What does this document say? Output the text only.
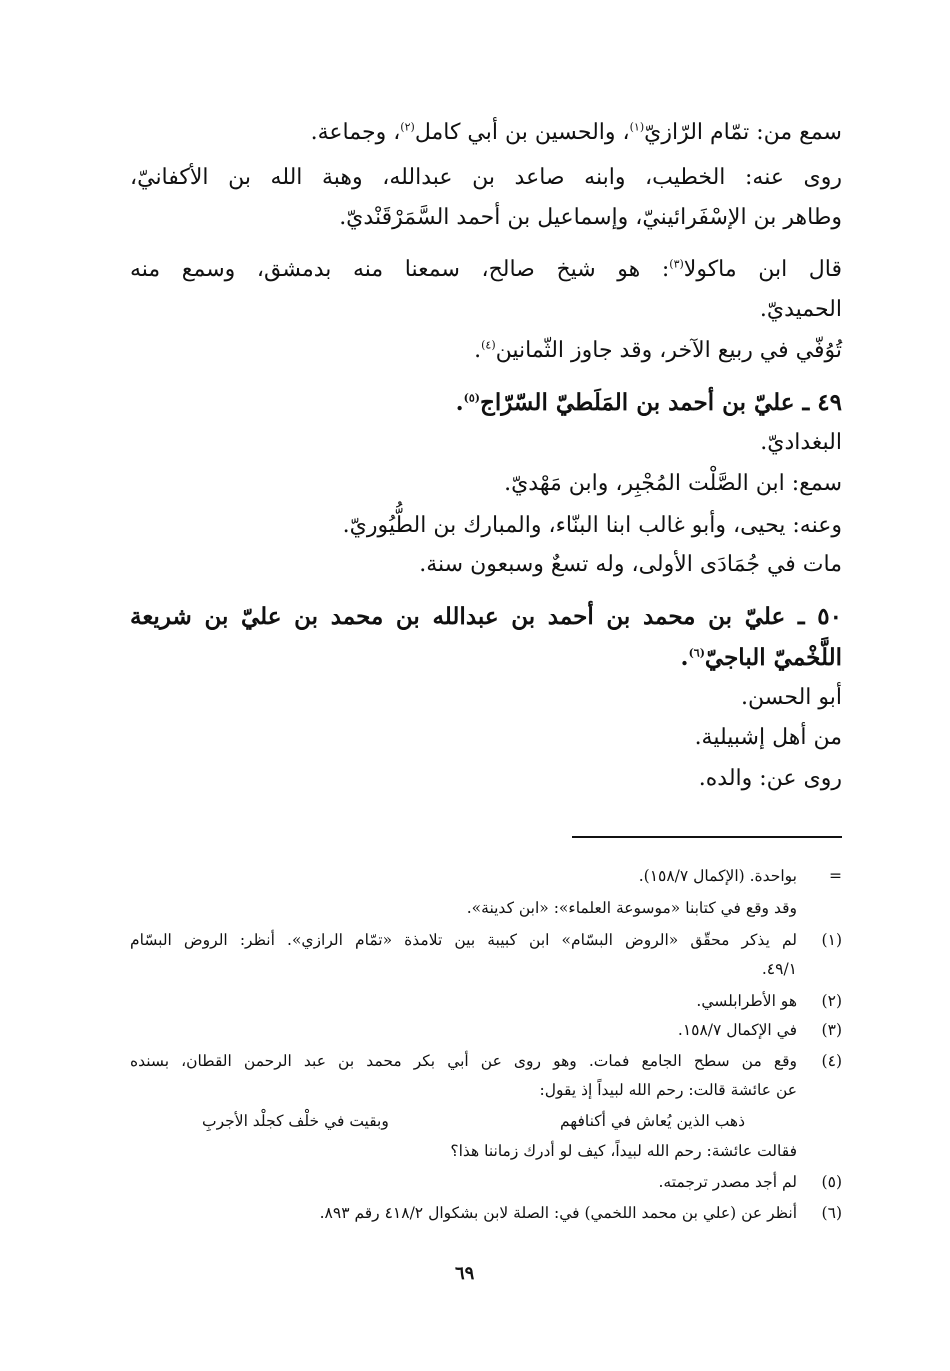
سمع من: تمّام الرّازيّ$^{(١)}$، والحسين بن أبي كامل$^{(٢)}$، وجماعة.
روى عنه: الخطيب، وابنه صاعد بن عبدالله، وهبة الله بن الأكفانيّ،
وطاهر بن الإسْفَرائينيّ، وإسماعيل بن أحمد السَّمَرْقَنْديّ.
قال ابن ماكولا$^{(٣)}$: هو شيخ صالح، سمعنا منه بدمشق، وسمع منه
الحميديّ.
تُوُفّي في ربيع الآخر، وقد جاوز الثّمانين$^{(٤)}$.
٤٩ ـ عليّ بن أحمد بن المَلَطيّ السّرّاج$^{(٥)}$.
البغداديّ.
سمع: ابن الصَّلْت المُجْبِر، وابن مَهْديّ.
وعنه: يحيى، وأبو غالب ابنا البنّاء، والمبارك بن الطُّيُوريّ.
مات في جُمَادَى الأولى، وله تسعٌ وسبعون سنة.
٥٠ ـ عليّ بن محمد بن أحمد بن عبدالله بن محمد بن عليّ بن شريعة
اللَّخْميّ الباجيّ$^{(٦)}$.
أبو الحسن.
من أهل إشبيلية.
روى عن: والده.
=
بواحدة. (الإكمال ١٥٨/٧).
وقد وقع في كتابنا «موسوعة العلماء»: «ابن كدينة».
(١)
لم يذكر محقّق «الروض البسّام» ابن كبيبة بين تلامذة «تمّام الرازي». أنظر: الروض البسّام
٤٩/١.
(٢)
هو الأطرابلسي.
(٣)
في الإكمال ١٥٨/٧.
(٤)
وقع من سطح الجامع فمات. وهو روى عن أبي بكر محمد بن عبد الرحمن القطان، بسنده
عن عائشة قالت: رحم الله لبيداً إذ يقول:
ذهب الذين يُعاش في أكنافهم
وبقيت في خلْف كجلْد الأجربِ
فقالت عائشة: رحم الله لبيداً، كيف لو أدرك زماننا هذا؟
(٥)
لم أجد مصدر ترجمته.
(٦)
أنظر عن (علي بن محمد اللخمي) في: الصلة لابن بشكوال ٤١٨/٢ رقم ٨٩٣.
٦٩
